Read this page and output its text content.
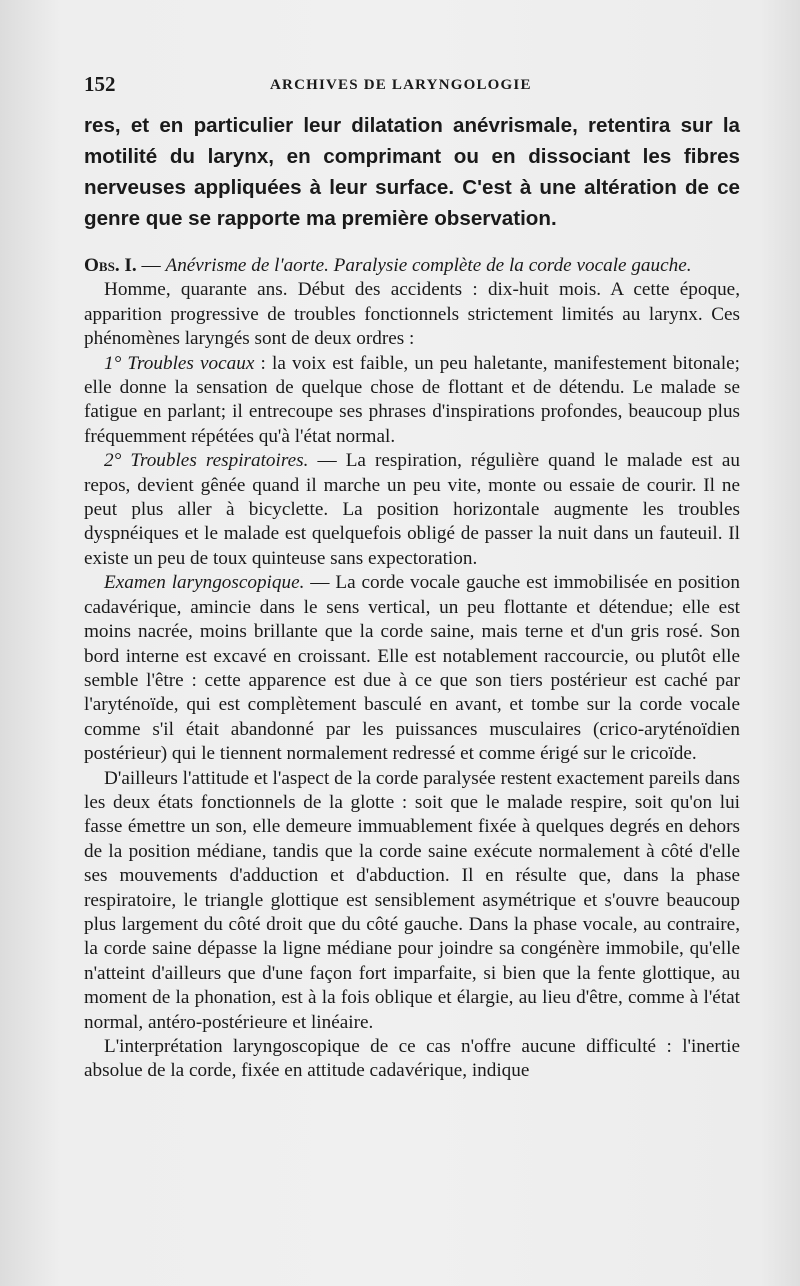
152	ARCHIVES DE LARYNGOLOGIE

res, et en particulier leur dilatation anévrismale, retentira sur la motilité du larynx, en comprimant ou en dissociant les fibres nerveuses appliquées à leur surface. C'est à une altération de ce genre que se rapporte ma première observation.

Obs. I. — Anévrisme de l'aorte. Paralysie complète de la corde vocale gauche.

Homme, quarante ans. Début des accidents : dix-huit mois. A cette époque, apparition progressive de troubles fonctionnels strictement limités au larynx. Ces phénomènes laryngés sont de deux ordres :

1° Troubles vocaux : la voix est faible, un peu haletante, manifestement bitonale; elle donne la sensation de quelque chose de flottant et de détendu. Le malade se fatigue en parlant; il entrecoupe ses phrases d'inspirations profondes, beaucoup plus fréquemment répétées qu'à l'état normal.

2° Troubles respiratoires. — La respiration, régulière quand le malade est au repos, devient gênée quand il marche un peu vite, monte ou essaie de courir. Il ne peut plus aller à bicyclette. La position horizontale augmente les troubles dyspnéiques et le malade est quelquefois obligé de passer la nuit dans un fauteuil. Il existe un peu de toux quinteuse sans expectoration.

Examen laryngoscopique. — La corde vocale gauche est immobilisée en position cadavérique, amincie dans le sens vertical, un peu flottante et détendue; elle est moins nacrée, moins brillante que la corde saine, mais terne et d'un gris rosé. Son bord interne est excavé en croissant. Elle est notablement raccourcie, ou plutôt elle semble l'être : cette apparence est due à ce que son tiers postérieur est caché par l'aryténoïde, qui est complètement basculé en avant, et tombe sur la corde vocale comme s'il était abandonné par les puissances musculaires (crico-aryténoïdien postérieur) qui le tiennent normalement redressé et comme érigé sur le cricoïde.

D'ailleurs l'attitude et l'aspect de la corde paralysée restent exactement pareils dans les deux états fonctionnels de la glotte : soit que le malade respire, soit qu'on lui fasse émettre un son, elle demeure immuablement fixée à quelques degrés en dehors de la position médiane, tandis que la corde saine exécute normalement à côté d'elle ses mouvements d'adduction et d'abduction. Il en résulte que, dans la phase respiratoire, le triangle glottique est sensiblement asymétrique et s'ouvre beaucoup plus largement du côté droit que du côté gauche. Dans la phase vocale, au contraire, la corde saine dépasse la ligne médiane pour joindre sa congénère immobile, qu'elle n'atteint d'ailleurs que d'une façon fort imparfaite, si bien que la fente glottique, au moment de la phonation, est à la fois oblique et élargie, au lieu d'être, comme à l'état normal, antéro-postérieure et linéaire.

L'interprétation laryngoscopique de ce cas n'offre aucune difficulté : l'inertie absolue de la corde, fixée en attitude cadavérique, indique
